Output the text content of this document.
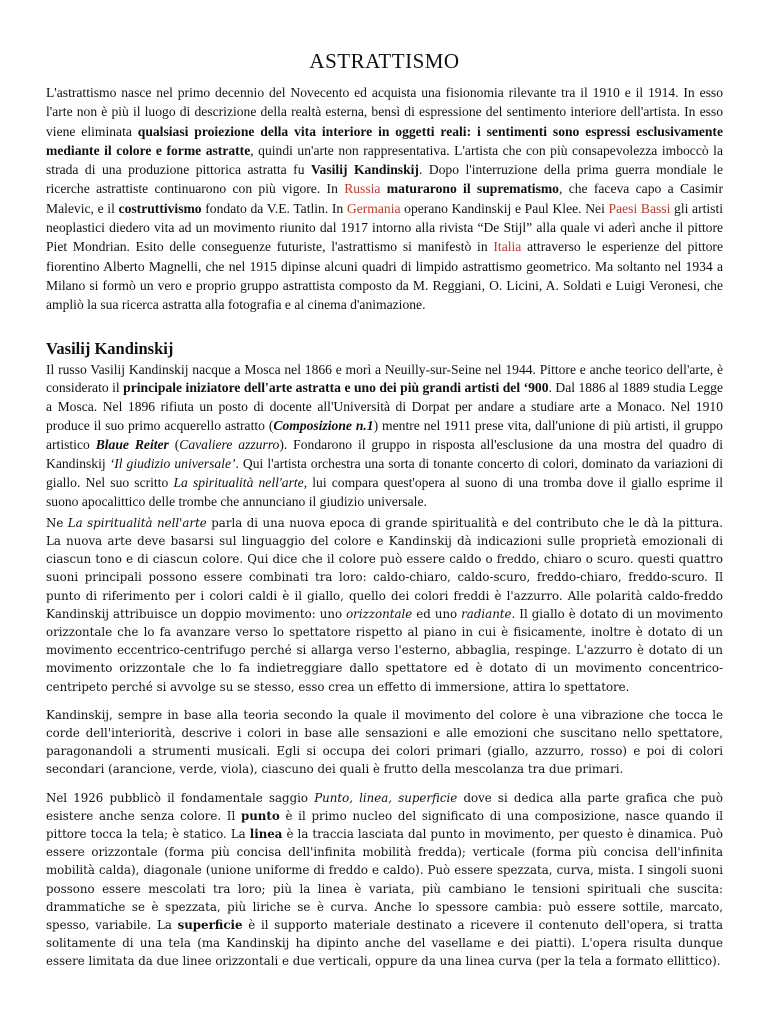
ASTRATTISMO

L'astrattismo nasce nel primo decennio del Novecento ed acquista una fisionomia rilevante tra il 1910 e il 1914. In esso l'arte non è più il luogo di descrizione della realtà esterna, bensì di espressione del sentimento interiore dell'artista. In esso viene eliminata qualsiasi proiezione della vita interiore in oggetti reali: i sentimenti sono espressi esclusivamente mediante il colore e forme astratte, quindi un'arte non rappresentativa. L'artista che con più consapevolezza imboccò la strada di una produzione pittorica astratta fu Vasilij Kandinskij. Dopo l'interruzione della prima guerra mondiale le ricerche astrattiste continuarono con più vigore. In Russia maturarono il suprematismo, che faceva capo a Casimir Malevic, e il costruttivismo fondato da V.E. Tatlin. In Germania operano Kandinskij e Paul Klee. Nei Paesi Bassi gli artisti neoplastici diedero vita ad un movimento riunito dal 1917 intorno alla rivista “De Stijl” alla quale vi aderì anche il pittore Piet Mondrian. Esito delle conseguenze futuriste, l'astrattismo si manifestò in Italia attraverso le esperienze del pittore fiorentino Alberto Magnelli, che nel 1915 dipinse alcuni quadri di limpido astrattismo geometrico. Ma soltanto nel 1934 a Milano si formò un vero e proprio gruppo astrattista composto da M. Reggiani, O. Licini, A. Soldati e Luigi Veronesi, che ampliò la sua ricerca astratta alla fotografia e al cinema d'animazione.

Vasilij Kandinskij

Il russo Vasilij Kandinskij nacque a Mosca nel 1866 e morì a Neuilly-sur-Seine nel 1944. Pittore e anche teorico dell'arte, è considerato il principale iniziatore dell'arte astratta e uno dei più grandi artisti del ‘900. Dal 1886 al 1889 studia Legge a Mosca. Nel 1896 rifiuta un posto di docente all'Università di Dorpat per andare a studiare arte a Monaco. Nel 1910 produce il suo primo acquerello astratto (Composizione n.1) mentre nel 1911 prese vita, dall'unione di più artisti, il gruppo artistico Blaue Reiter (Cavaliere azzurro). Fondarono il gruppo in risposta all'esclusione da una mostra del quadro di Kandinskij ‘Il giudizio universale’. Qui l'artista orchestra una sorta di tonante concerto di colori, dominato da variazioni di giallo. Nel suo scritto La spiritualità nell'arte, lui compara quest'opera al suono di una tromba dove il giallo esprime il suono apocalittico delle trombe che annunciano il giudizio universale.

Ne La spiritualità nell'arte parla di una nuova epoca di grande spiritualità e del contributo che le dà la pittura. La nuova arte deve basarsi sul linguaggio del colore e Kandinskij dà indicazioni sulle proprietà emozionali di ciascun tono e di ciascun colore. Qui dice che il colore può essere caldo o freddo, chiaro o scuro. questi quattro suoni principali possono essere combinati tra loro: caldo-chiaro, caldo-scuro, freddo-chiaro, freddo-scuro. Il punto di riferimento per i colori caldi è il giallo, quello dei colori freddi è l'azzurro. Alle polarità caldo-freddo Kandinskij attribuisce un doppio movimento: uno orizzontale ed uno radiante. Il giallo è dotato di un movimento orizzontale che lo fa avanzare verso lo spettatore rispetto al piano in cui è fisicamente, inoltre è dotato di un movimento eccentrico-centrifugo perché si allarga verso l'esterno, abbaglia, respinge. L'azzurro è dotato di un movimento orizzontale che lo fa indietreggiare dallo spettatore ed è dotato di un movimento concentrico-centripeto perché si avvolge su se stesso, esso crea un effetto di immersione, attira lo spettatore.

Kandinskij, sempre in base alla teoria secondo la quale il movimento del colore è una vibrazione che tocca le corde dell'interiorità, descrive i colori in base alle sensazioni e alle emozioni che suscitano nello spettatore, paragonandoli a strumenti musicali. Egli si occupa dei colori primari (giallo, azzurro, rosso) e poi di colori secondari (arancione, verde, viola), ciascuno dei quali è frutto della mescolanza tra due primari.

Nel 1926 pubblicò il fondamentale saggio Punto, linea, superficie dove si dedica alla parte grafica che può esistere anche senza colore. Il punto è il primo nucleo del significato di una composizione, nasce quando il pittore tocca la tela; è statico. La linea è la traccia lasciata dal punto in movimento, per questo è dinamica. Può essere orizzontale (forma più concisa dell'infinita mobilità fredda); verticale (forma più concisa dell'infinita mobilità calda), diagonale (unione uniforme di freddo e caldo). Può essere spezzata, curva, mista. I singoli suoni possono essere mescolati tra loro; più la linea è variata, più cambiano le tensioni spirituali che suscita: drammatiche se è spezzata, più liriche se è curva. Anche lo spessore cambia: può essere sottile, marcato, spesso, variabile. La superficie è il supporto materiale destinato a ricevere il contenuto dell'opera, si tratta solitamente di una tela (ma Kandinskij ha dipinto anche del vasellame e dei piatti). L'opera risulta dunque essere limitata da due linee orizzontali e due verticali, oppure da una linea curva (per la tela a formato ellittico).
